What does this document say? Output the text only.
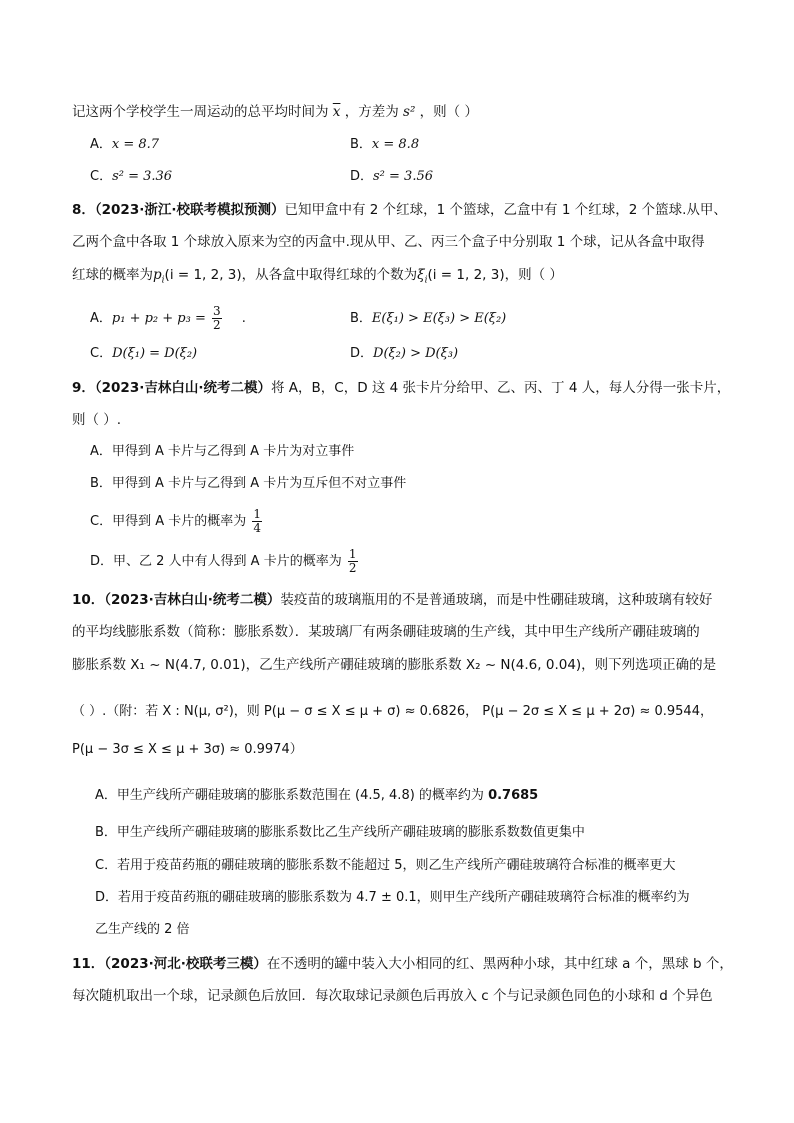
记这两个学校学生一周运动的总平均时间为 $\overline{x}$ ，方差为 s² ，则（ ）
A．x = 8.7	B．x = 8.8
C．s² = 3.36	D．s² = 3.56
8．（2023·浙江·校联考模拟预测）已知甲盒中有 2 个红球，1 个篮球，乙盒中有 1 个红球，2 个篮球.从甲、
乙两个盒中各取 1 个球放入原来为空的丙盒中.现从甲、乙、丙三个盒子中分别取 1 个球，记从各盒中取得
红球的概率为$p_i(i = 1$, 2, 3)，从各盒中取得红球的个数为$\xi_i(i = 1$, 2, 3)，则（ ）
A．$p_1 + p_2 + p_3 = \frac{3}{2}$ .	B．E(ξ₁) > E(ξ₃) > E(ξ₂)
C．D(ξ₁) = D(ξ₂)	D．D(ξ₂) > D(ξ₃)
9．（2023·吉林白山·统考二模）将 A，B，C，D 这 4 张卡片分给甲、乙、丙、丁 4 人，每人分得一张卡片，
则（ ）.
A．甲得到 A 卡片与乙得到 A 卡片为对立事件
B．甲得到 A 卡片与乙得到 A 卡片为互斥但不对立事件
C．甲得到 A 卡片的概率为 $\frac{1}{4}$
D．甲、乙 2 人中有人得到 A 卡片的概率为 $\frac{1}{2}$
10．（2023·吉林白山·统考二模）装疫苗的玻璃瓶用的不是普通玻璃，而是中性硼硅玻璃，这种玻璃有较好
的平均线膨胀系数（简称：膨胀系数）．某玻璃厂有两条硼硅玻璃的生产线，其中甲生产线所产硼硅玻璃的
膨胀系数 X₁ ~ N(4.7, 0.01)，乙生产线所产硼硅玻璃的膨胀系数 X₂ ~ N(4.6, 0.04)，则下列选项正确的是
（ ）.（附：若 X : N(μ, σ²)，则 P(μ − σ ≤ X ≤ μ + σ) ≈ 0.6826， P(μ − 2σ ≤ X ≤ μ + 2σ) ≈ 0.9544，
P(μ − 3σ ≤ X ≤ μ + 3σ) ≈ 0.9974）
A．甲生产线所产硼硅玻璃的膨胀系数范围在 (4.5, 4.8) 的概率约为 0.7685
B．甲生产线所产硼硅玻璃的膨胀系数比乙生产线所产硼硅玻璃的膨胀系数数值更集中
C．若用于疫苗药瓶的硼硅玻璃的膨胀系数不能超过 5，则乙生产线所产硼硅玻璃符合标准的概率更大
D．若用于疫苗药瓶的硼硅玻璃的膨胀系数为 4.7 ± 0.1，则甲生产线所产硼硅玻璃符合标准的概率约为
乙生产线的 2 倍
11．（2023·河北·校联考三模）在不透明的罐中装入大小相同的红、黑两种小球，其中红球 a 个，黑球 b 个，
每次随机取出一个球，记录颜色后放回．每次取球记录颜色后再放入 c 个与记录颜色同色的小球和 d 个异色
